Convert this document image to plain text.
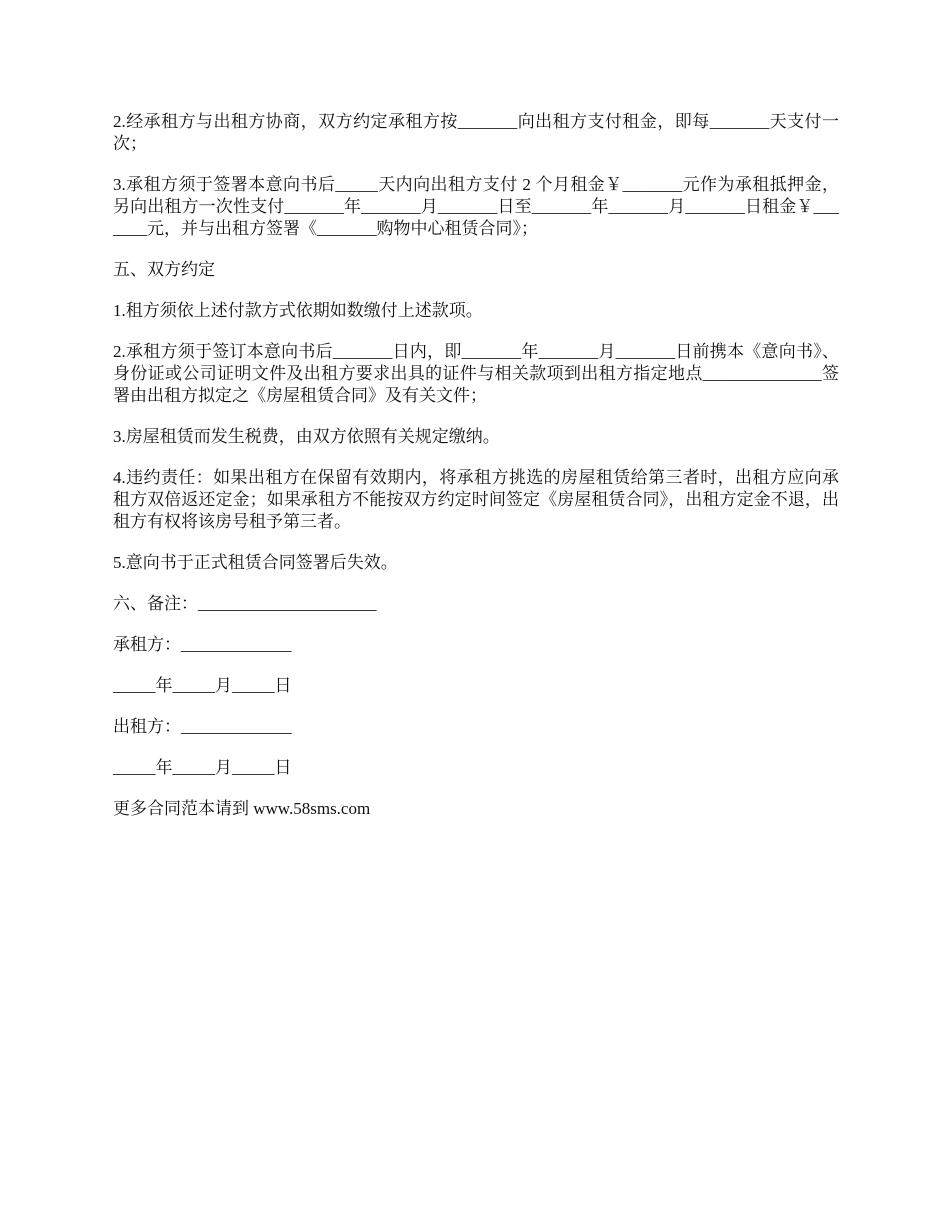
2.经承租方与出租方协商，双方约定承租方按_______向出租方支付租金，即每_______天支付一次；

3.承租方须于签署本意向书后_____天内向出租方支付 2 个月租金￥_______元作为承租抵押金，另向出租方一次性支付_______年_______月_______日至_______年_______月_______日租金￥_______元，并与出租方签署《_______购物中心租赁合同》；

五、双方约定

1.租方须依上述付款方式依期如数缴付上述款项。

2.承租方须于签订本意向书后_______日内，即_______年_______月_______日前携本《意向书》、身份证或公司证明文件及出租方要求出具的证件与相关款项到出租方指定地点______________签署由出租方拟定之《房屋租赁合同》及有关文件；

3.房屋租赁而发生税费，由双方依照有关规定缴纳。

4.违约责任：如果出租方在保留有效期内，将承租方挑选的房屋租赁给第三者时，出租方应向承租方双倍返还定金；如果承租方不能按双方约定时间签定《房屋租赁合同》，出租方定金不退，出租方有权将该房号租予第三者。

5.意向书于正式租赁合同签署后失效。

六、备注：_____________________

承租方：_____________

_____年_____月_____日

出租方：_____________

_____年_____月_____日

更多合同范本请到 www.58sms.com
